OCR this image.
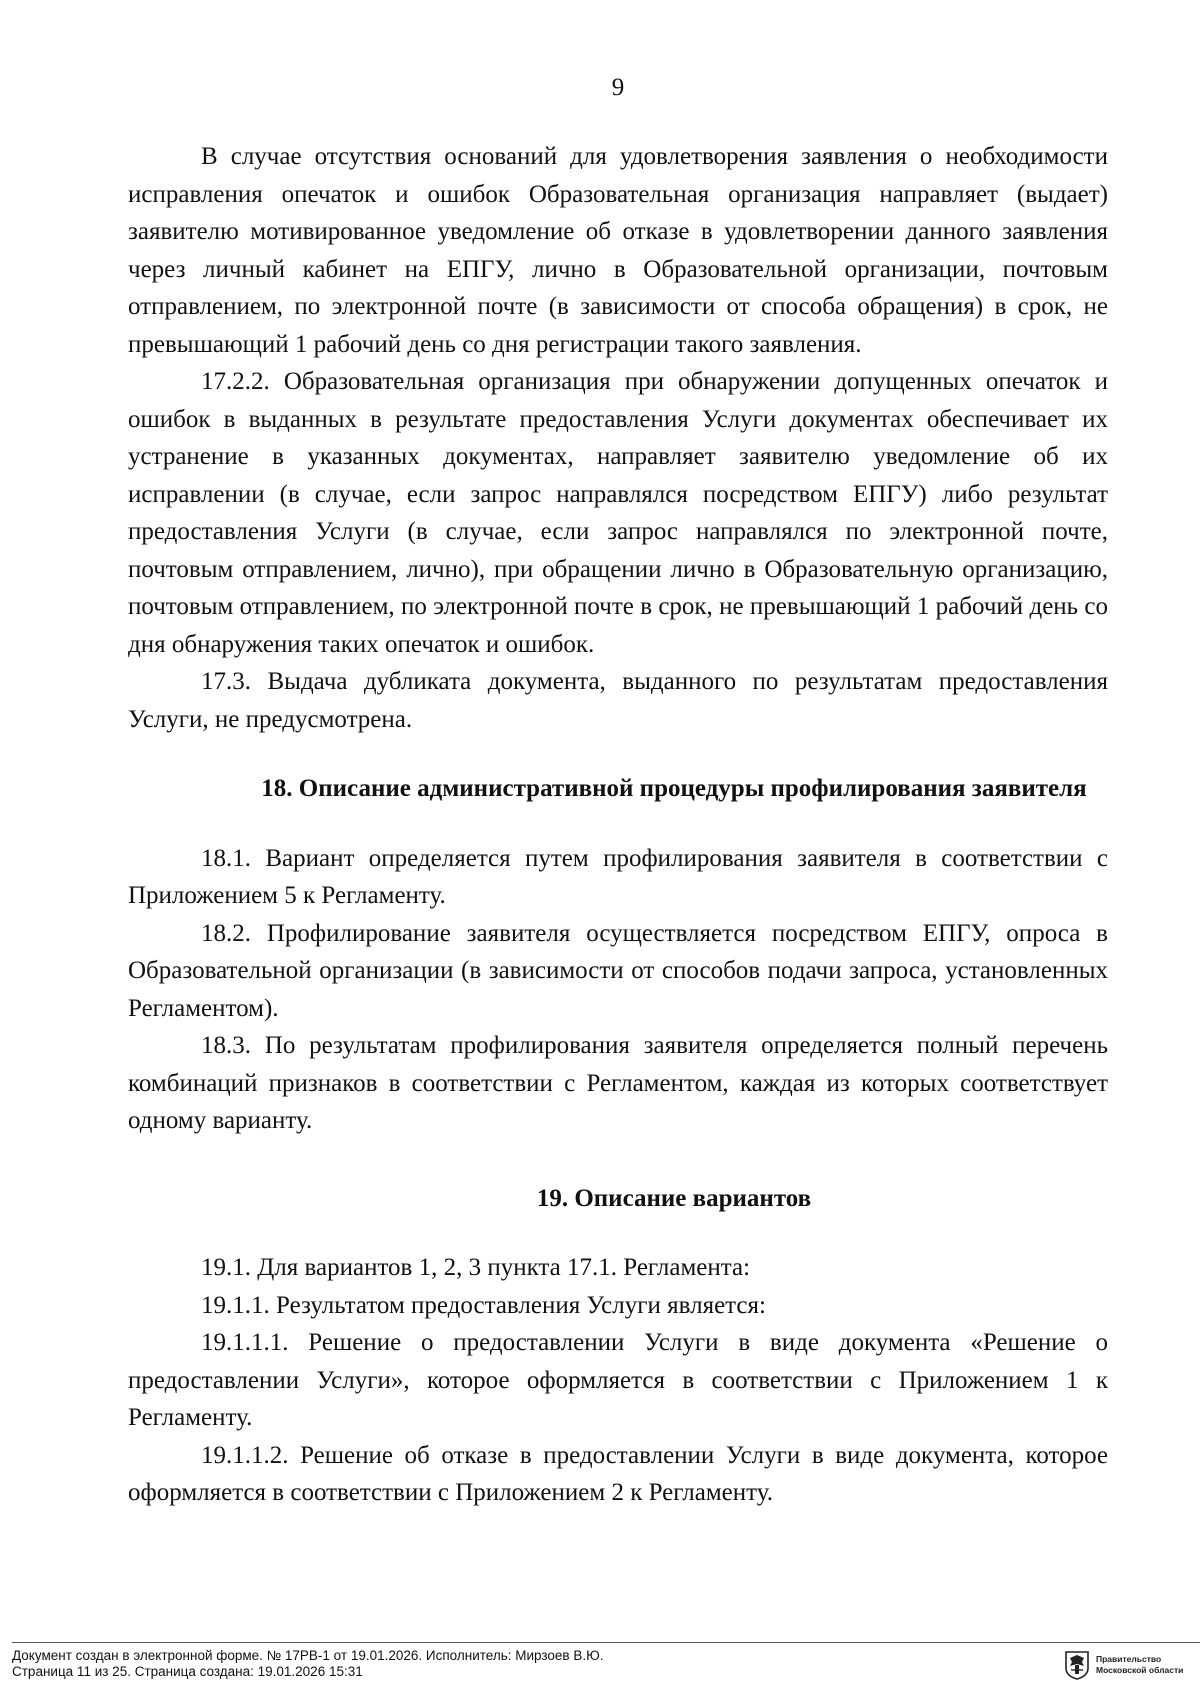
9

В случае отсутствия оснований для удовлетворения заявления о необходимости исправления опечаток и ошибок Образовательная организация направляет (выдает) заявителю мотивированное уведомление об отказе в удовлетворении данного заявления через личный кабинет на ЕПГУ, лично в Образовательной организации, почтовым отправлением, по электронной почте (в зависимости от способа обращения) в срок, не превышающий 1 рабочий день со дня регистрации такого заявления.

17.2.2. Образовательная организация при обнаружении допущенных опечаток и ошибок в выданных в результате предоставления Услуги документах обеспечивает их устранение в указанных документах, направляет заявителю уведомление об их исправлении (в случае, если запрос направлялся посредством ЕПГУ) либо результат предоставления Услуги (в случае, если запрос направлялся по электронной почте, почтовым отправлением, лично), при обращении лично в Образовательную организацию, почтовым отправлением, по электронной почте в срок, не превышающий 1 рабочий день со дня обнаружения таких опечаток и ошибок.

17.3. Выдача дубликата документа, выданного по результатам предоставления Услуги, не предусмотрена.

18. Описание административной процедуры профилирования заявителя

18.1. Вариант определяется путем профилирования заявителя в соответствии с Приложением 5 к Регламенту.

18.2. Профилирование заявителя осуществляется посредством ЕПГУ, опроса в Образовательной организации (в зависимости от способов подачи запроса, установленных Регламентом).

18.3. По результатам профилирования заявителя определяется полный перечень комбинаций признаков в соответствии с Регламентом, каждая из которых соответствует одному варианту.

19. Описание вариантов

19.1. Для вариантов 1, 2, 3 пункта 17.1. Регламента:

19.1.1. Результатом предоставления Услуги является:

19.1.1.1. Решение о предоставлении Услуги в виде документа «Решение о предоставлении Услуги», которое оформляется в соответствии с Приложением 1 к Регламенту.

19.1.1.2. Решение об отказе в предоставлении Услуги в виде документа, которое оформляется в соответствии с Приложением 2 к Регламенту.

Документ создан в электронной форме. № 17РВ-1 от 19.01.2026. Исполнитель: Мирзоев В.Ю.
Страница 11 из 25. Страница создана: 19.01.2026 15:31
Правительство
Московской области
